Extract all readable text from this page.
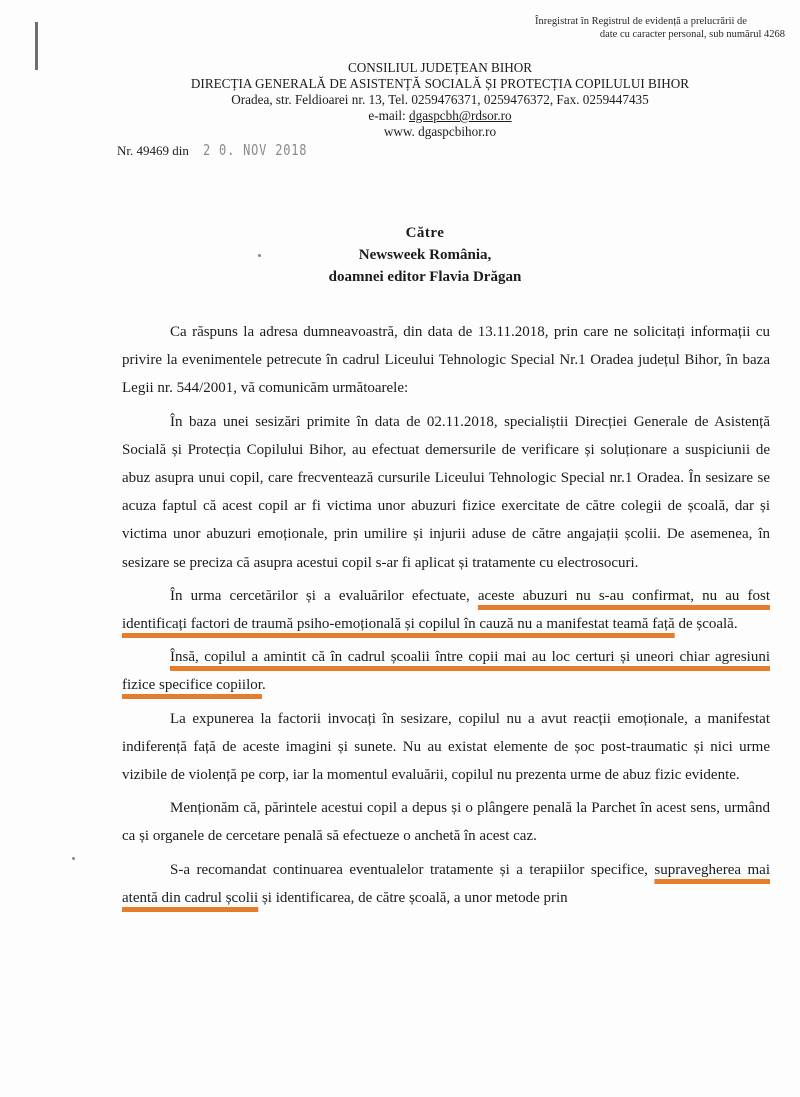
Înregistrat în Registrul de evidență a prelucrării de
date cu caracter personal, sub numărul 4268
CONSILIUL JUDEȚEAN BIHOR
DIRECȚIA GENERALĂ DE ASISTENȚĂ SOCIALĂ ȘI PROTECȚIA COPILULUI BIHOR
Oradea, str. Feldioarei nr. 13, Tel. 0259476371, 0259476372, Fax. 0259447435
e-mail: dgaspcbh@rdsor.ro
www. dgaspcbihor.ro
Nr. 49469 din 2 0. NOV 2018
Către
Newsweek România,
doamnei editor Flavia Drăgan

Ca răspuns la adresa dumneavoastră, din data de 13.11.2018, prin care ne solicitați informații cu privire la evenimentele petrecute în cadrul Liceului Tehnologic Special Nr.1 Oradea județul Bihor, în baza Legii nr. 544/2001, vă comunicăm următoarele:

În baza unei sesizări primite în data de 02.11.2018, specialiștii Direcției Generale de Asistență Socială și Protecția Copilului Bihor, au efectuat demersurile de verificare și soluționare a suspiciunii de abuz asupra unui copil, care frecventează cursurile Liceului Tehnologic Special nr.1 Oradea. În sesizare se acuza faptul că acest copil ar fi victima unor abuzuri fizice exercitate de către colegii de școală, dar și victima unor abuzuri emoționale, prin umilire și injurii aduse de către angajații școlii. De asemenea, în sesizare se preciza că asupra acestui copil s-ar fi aplicat și tratamente cu electrosocuri.

În urma cercetărilor și a evaluărilor efectuate, aceste abuzuri nu s-au confirmat, nu au fost identificați factori de traumă psiho-emoțională și copilul în cauză nu a manifestat teamă față de școală.

Însă, copilul a amintit că în cadrul școalii între copii mai au loc certuri și uneori chiar agresiuni fizice specifice copiilor.

La expunerea la factorii invocați în sesizare, copilul nu a avut reacții emoționale, a manifestat indiferență față de aceste imagini și sunete. Nu au existat elemente de șoc post-traumatic și nici urme vizibile de violență pe corp, iar la momentul evaluării, copilul nu prezenta urme de abuz fizic evidente.

Menționăm că, părintele acestui copil a depus și o plângere penală la Parchet în acest sens, urmând ca și organele de cercetare penală să efectueze o anchetă în acest caz.

S-a recomandat continuarea eventualelor tratamente și a terapiilor specifice, supravegherea mai atentă din cadrul școlii și identificarea, de către școală, a unor metode prin
